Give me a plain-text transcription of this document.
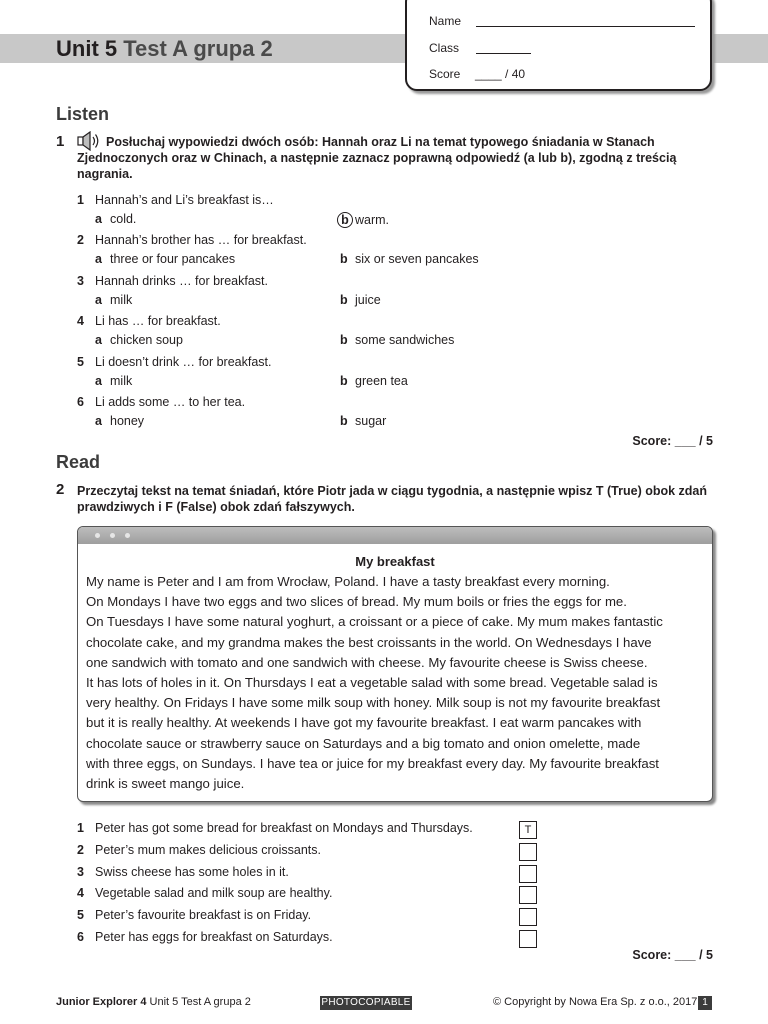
Unit 5 Test A grupa 2
Name
Class
Score ____ / 40
Listen
1	Posłuchaj wypowiedzi dwóch osób: Hannah oraz Li na temat typowego śniadania w Stanach Zjednoczonych oraz w Chinach, a następnie zaznacz poprawną odpowiedź (a lub b), zgodną z treścią nagrania.
1 Hannah’s and Li’s breakfast is…
a cold.	b warm.
2 Hannah’s brother has … for breakfast.
a three or four pancakes	b six or seven pancakes
3 Hannah drinks … for breakfast.
a milk	b juice
4 Li has … for breakfast.
a chicken soup	b some sandwiches
5 Li doesn’t drink … for breakfast.
a milk	b green tea
6 Li adds some … to her tea.
a honey	b sugar
Score: ___ / 5
Read
2 Przeczytaj tekst na temat śniadań, które Piotr jada w ciągu tygodnia, a następnie wpisz T (True) obok zdań prawdziwych i F (False) obok zdań fałszywych.
My breakfast
My name is Peter and I am from Wrocław, Poland. I have a tasty breakfast every morning.
On Mondays I have two eggs and two slices of bread. My mum boils or fries the eggs for me.
On Tuesdays I have some natural yoghurt, a croissant or a piece of cake. My mum makes fantastic
chocolate cake, and my grandma makes the best croissants in the world. On Wednesdays I have
one sandwich with tomato and one sandwich with cheese. My favourite cheese is Swiss cheese.
It has lots of holes in it. On Thursdays I eat a vegetable salad with some bread. Vegetable salad is
very healthy. On Fridays I have some milk soup with honey. Milk soup is not my favourite breakfast
but it is really healthy. At weekends I have got my favourite breakfast. I eat warm pancakes with
chocolate sauce or strawberry sauce on Saturdays and a big tomato and onion omelette, made
with three eggs, on Sundays. I have tea or juice for my breakfast every day. My favourite breakfast
drink is sweet mango juice.
1 Peter has got some bread for breakfast on Mondays and Thursdays.	T
2 Peter’s mum makes delicious croissants.
3 Swiss cheese has some holes in it.
4 Vegetable salad and milk soup are healthy.
5 Peter’s favourite breakfast is on Friday.
6 Peter has eggs for breakfast on Saturdays.
Score: ___ / 5
Junior Explorer 4 Unit 5 Test A grupa 2	PHOTOCOPIABLE	© Copyright by Nowa Era Sp. z o.o., 2017 1
